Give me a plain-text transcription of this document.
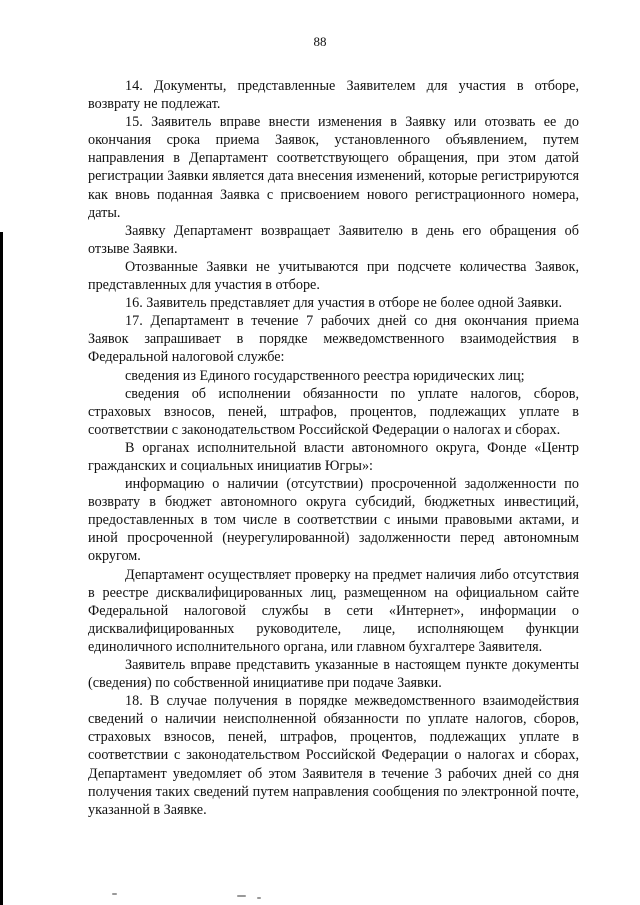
88

14. Документы, представленные Заявителем для участия в отборе, возврату не подлежат.

15. Заявитель вправе внести изменения в Заявку или отозвать ее до окончания срока приема Заявок, установленного объявлением, путем направления в Департамент соответствующего обращения, при этом датой регистрации Заявки является дата внесения изменений, которые регистрируются как вновь поданная Заявка с присвоением нового регистрационного номера, даты.

Заявку Департамент возвращает Заявителю в день его обращения об отзыве Заявки.

Отозванные Заявки не учитываются при подсчете количества Заявок, представленных для участия в отборе.

16. Заявитель представляет для участия в отборе не более одной Заявки.

17. Департамент в течение 7 рабочих дней со дня окончания приема Заявок запрашивает в порядке межведомственного взаимодействия в Федеральной налоговой службе:

сведения из Единого государственного реестра юридических лиц;

сведения об исполнении обязанности по уплате налогов, сборов, страховых взносов, пеней, штрафов, процентов, подлежащих уплате в соответствии с законодательством Российской Федерации о налогах и сборах.

В органах исполнительной власти автономного округа, Фонде «Центр гражданских и социальных инициатив Югры»:

информацию о наличии (отсутствии) просроченной задолженности по возврату в бюджет автономного округа субсидий, бюджетных инвестиций, предоставленных в том числе в соответствии с иными правовыми актами, и иной просроченной (неурегулированной) задолженности перед автономным округом.

Департамент осуществляет проверку на предмет наличия либо отсутствия в реестре дисквалифицированных лиц, размещенном на официальном сайте Федеральной налоговой службы в сети «Интернет», информации о дисквалифицированных руководителе, лице, исполняющем функции единоличного исполнительного органа, или главном бухгалтере Заявителя.

Заявитель вправе представить указанные в настоящем пункте документы (сведения) по собственной инициативе при подаче Заявки.

18. В случае получения в порядке межведомственного взаимодействия сведений о наличии неисполненной обязанности по уплате налогов, сборов, страховых взносов, пеней, штрафов, процентов, подлежащих уплате в соответствии с законодательством Российской Федерации о налогах и сборах, Департамент уведомляет об этом Заявителя в течение 3 рабочих дней со дня получения таких сведений путем направления сообщения по электронной почте, указанной в Заявке.
